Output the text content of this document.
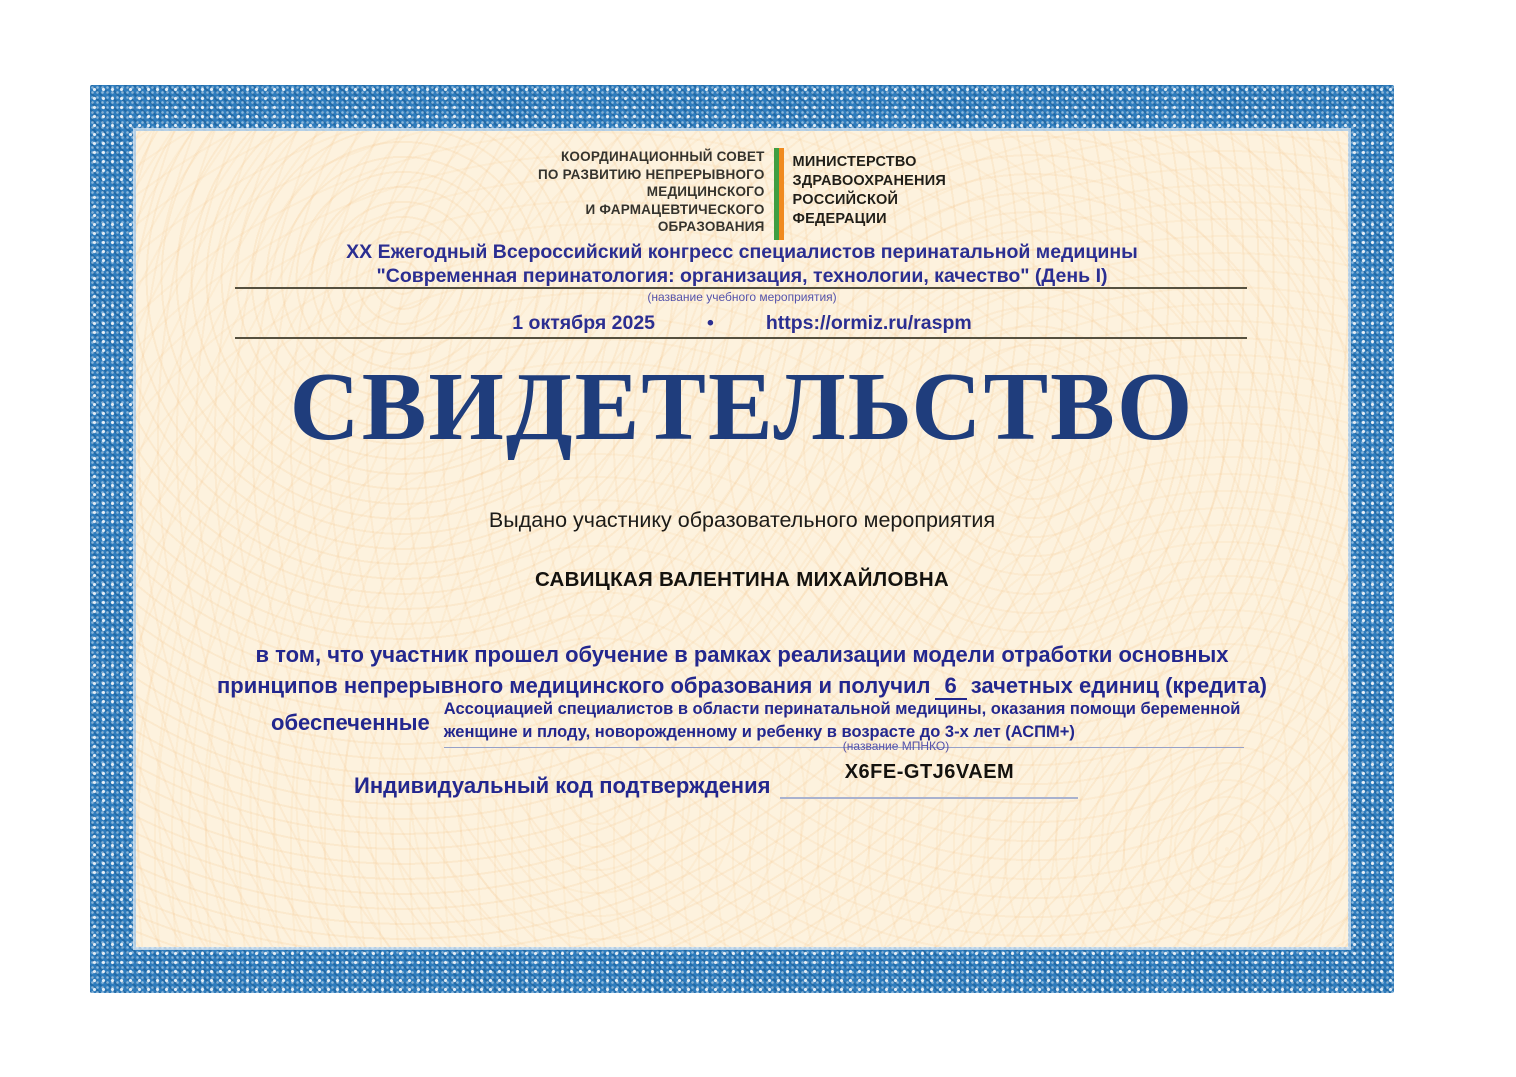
КООРДИНАЦИОННЫЙ СОВЕТ
ПО РАЗВИТИЮ НЕПРЕРЫВНОГО
МЕДИЦИНСКОГО
И ФАРМАЦЕВТИЧЕСКОГО
ОБРАЗОВАНИЯ
МИНИСТЕРСТВО
ЗДРАВООХРАНЕНИЯ
РОССИЙСКОЙ
ФЕДЕРАЦИИ
XX Ежегодный Всероссийский конгресс специалистов перинатальной медицины
"Современная перинатология: организация, технологии, качество" (День I)
(название учебного мероприятия)
1 октября 2025	•	https://ormiz.ru/raspm
СВИДЕТЕЛЬСТВО
Выдано участнику образовательного мероприятия
САВИЦКАЯ ВАЛЕНТИНА МИХАЙЛОВНА
в том, что участник прошел обучение в рамках реализации модели отработки основных
принципов непрерывного медицинского образования и получил 6 зачетных единиц (кредита)
обеспеченные
Ассоциацией специалистов в области перинатальной медицины, оказания помощи беременной женщине и плоду, новорожденному и ребенку в возрасте до 3-х лет (АСПМ+)
(название МПНКО)
Индивидуальный код подтверждения
X6FE-GTJ6VAEM
